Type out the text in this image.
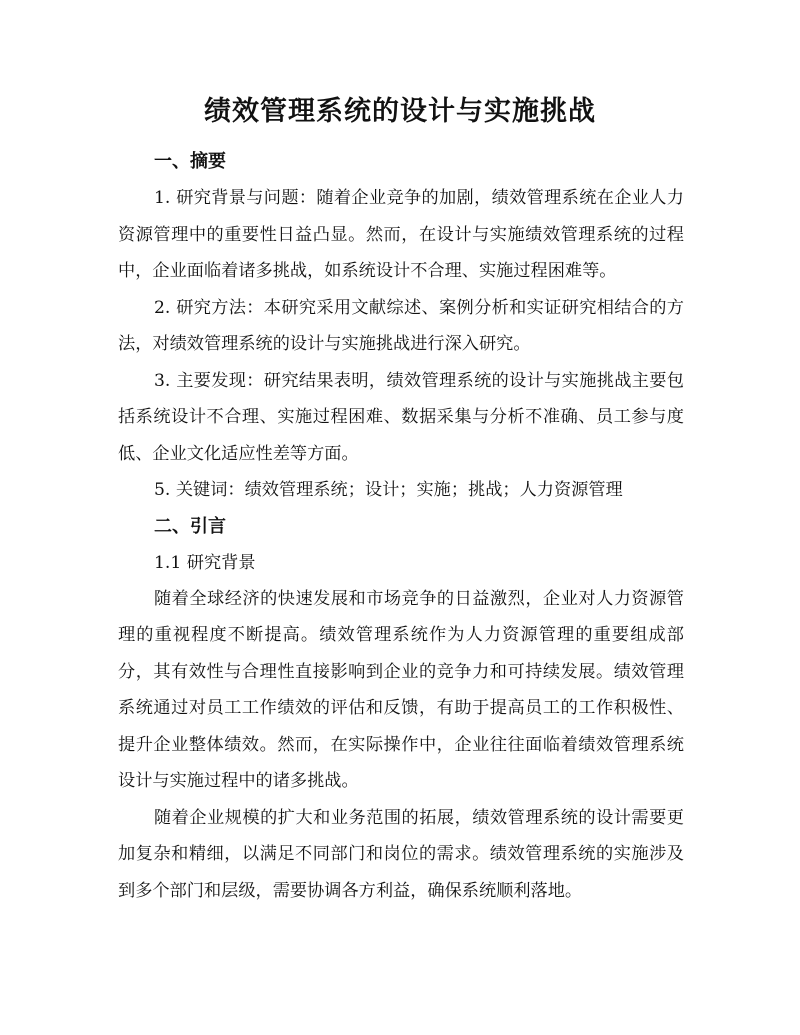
绩效管理系统的设计与实施挑战
一、摘要

1. 研究背景与问题：随着企业竞争的加剧，绩效管理系统在企业人力资源管理中的重要性日益凸显。然而，在设计与实施绩效管理系统的过程中，企业面临着诸多挑战，如系统设计不合理、实施过程困难等。

2. 研究方法：本研究采用文献综述、案例分析和实证研究相结合的方法，对绩效管理系统的设计与实施挑战进行深入研究。

3. 主要发现：研究结果表明，绩效管理系统的设计与实施挑战主要包括系统设计不合理、实施过程困难、数据采集与分析不准确、员工参与度低、企业文化适应性差等方面。

5. 关键词：绩效管理系统；设计；实施；挑战；人力资源管理

二、引言

1.1 研究背景

随着全球经济的快速发展和市场竞争的日益激烈，企业对人力资源管理的重视程度不断提高。绩效管理系统作为人力资源管理的重要组成部分，其有效性与合理性直接影响到企业的竞争力和可持续发展。绩效管理系统通过对员工工作绩效的评估和反馈，有助于提高员工的工作积极性、提升企业整体绩效。然而，在实际操作中，企业往往面临着绩效管理系统设计与实施过程中的诸多挑战。

随着企业规模的扩大和业务范围的拓展，绩效管理系统的设计需要更加复杂和精细，以满足不同部门和岗位的需求。绩效管理系统的实施涉及到多个部门和层级，需要协调各方利益，确保系统顺利落地。
